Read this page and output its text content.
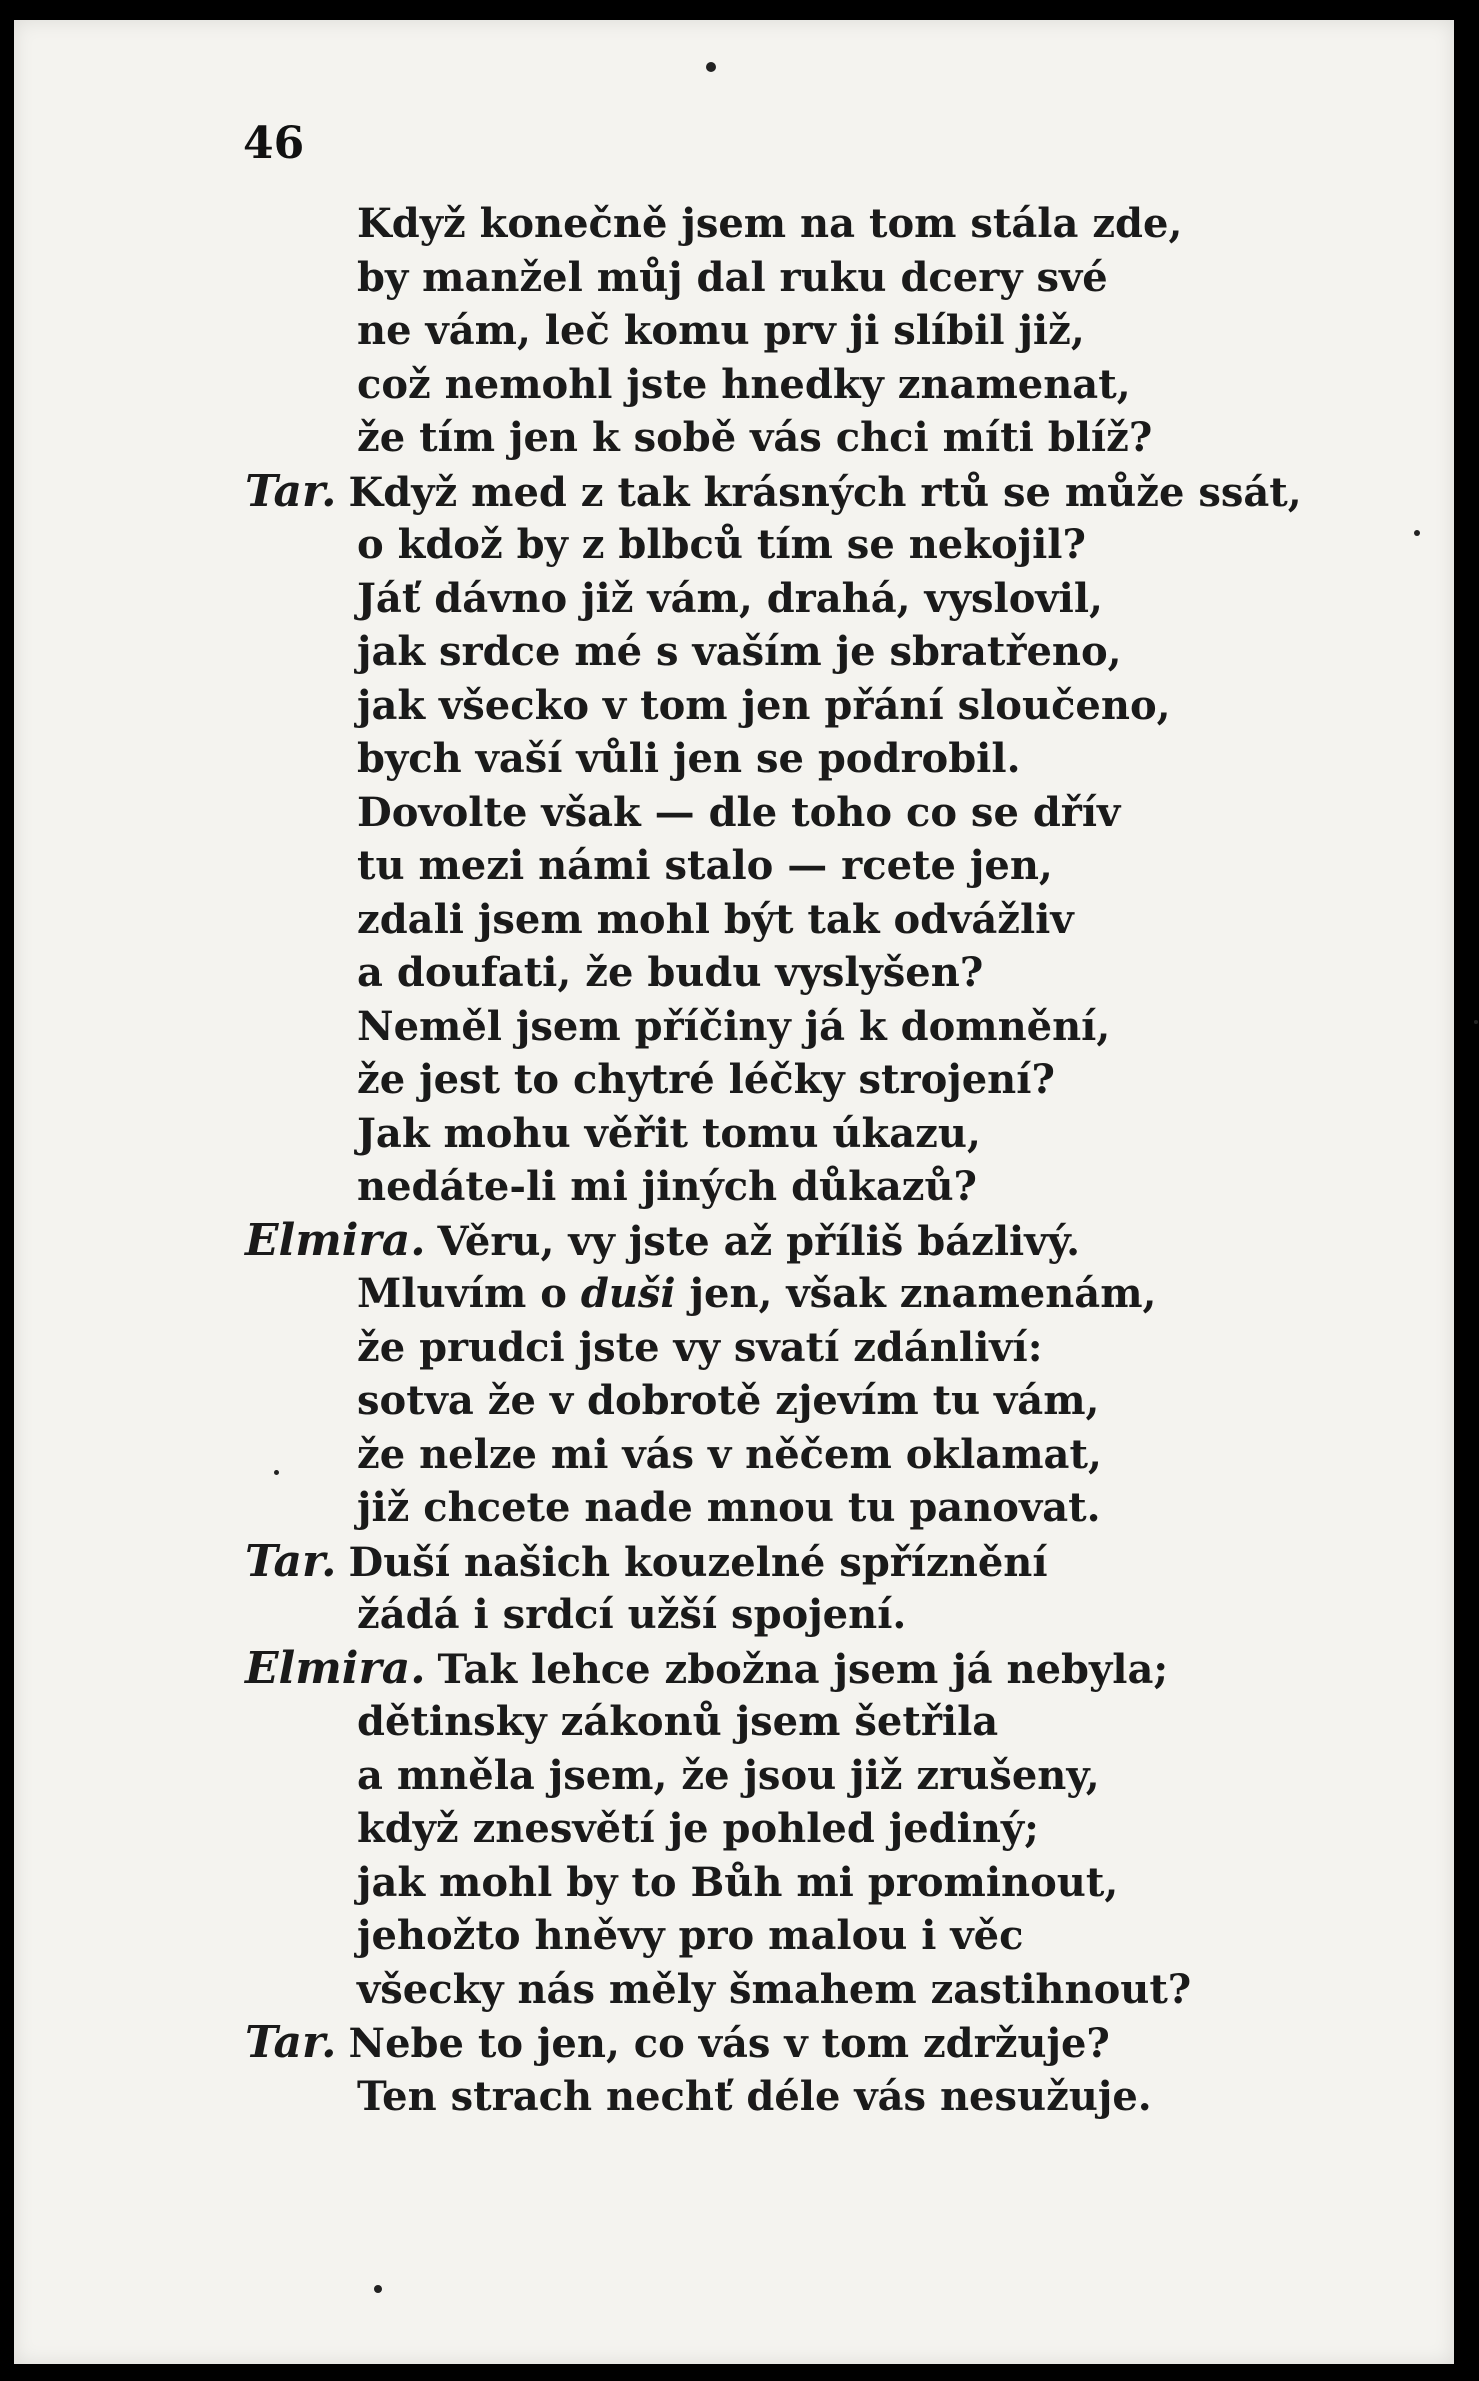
46
Když konečně jsem na tom stála zde,
by manžel můj dal ruku dcery své
ne vám, leč komu prv ji slíbil již,
což nemohl jste hnedky znamenat,
že tím jen k sobě vás chci míti blíž?
Tar. Když med z tak krásných rtů se může ssát,
o kdož by z blbců tím se nekojil?
Jáť dávno již vám, drahá, vyslovil,
jak srdce mé s vaším je sbratřeno,
jak všecko v tom jen přání sloučeno,
bych vaší vůli jen se podrobil.
Dovolte však — dle toho co se dřív
tu mezi námi stalo — rcete jen,
zdali jsem mohl být tak odvážliv
a doufati, že budu vyslyšen?
Neměl jsem příčiny já k domnění,
že jest to chytré léčky strojení?
Jak mohu věřit tomu úkazu,
nedáte-li mi jiných důkazů?
Elmira. Věru, vy jste až příliš bázlivý.
Mluvím o duši jen, však znamenám,
že prudci jste vy svatí zdánliví:
sotva že v dobrotě zjevím tu vám,
že nelze mi vás v něčem oklamat,
již chcete nade mnou tu panovat.
Tar. Duší našich kouzelné spříznění
žádá i srdcí užší spojení.
Elmira. Tak lehce zbožna jsem já nebyla;
dětinsky zákonů jsem šetřila
a mněla jsem, že jsou již zrušeny,
když znesvětí je pohled jediný;
jak mohl by to Bůh mi prominout,
jehožto hněvy pro malou i věc
všecky nás měly šmahem zastihnout?
Tar. Nebe to jen, co vás v tom zdržuje?
Ten strach nechť déle vás nesužuje.
